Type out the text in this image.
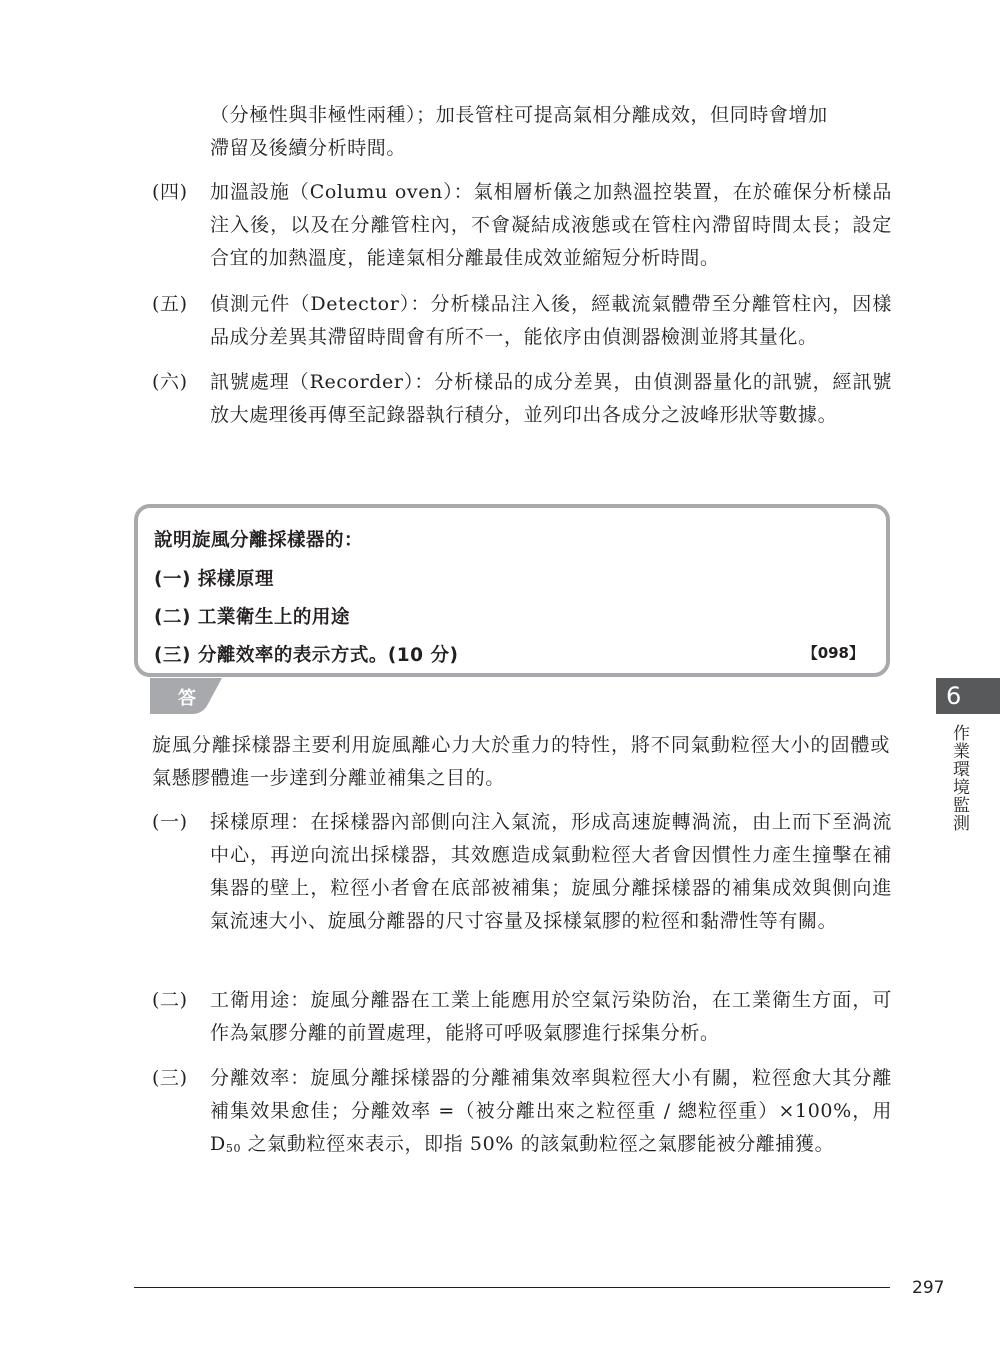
（分極性與非極性兩種）；加長管柱可提高氣相分離成效，但同時會增加
滯留及後續分析時間。
(四)	加溫設施（Columu oven）：氣相層析儀之加熱溫控裝置，在於確保分析樣品注入後，以及在分離管柱內，不會凝結成液態或在管柱內滯留時間太長；設定合宜的加熱溫度，能達氣相分離最佳成效並縮短分析時間。
(五)	偵測元件（Detector）：分析樣品注入後，經載流氣體帶至分離管柱內，因樣品成分差異其滯留時間會有所不一，能依序由偵測器檢測並將其量化。
(六)	訊號處理（Recorder）：分析樣品的成分差異，由偵測器量化的訊號，經訊號放大處理後再傳至記錄器執行積分，並列印出各成分之波峰形狀等數據。
說明旋風分離採樣器的：
(一) 採樣原理
(二) 工業衛生上的用途
(三) 分離效率的表示方式。(10 分)	【098】
答
旋風分離採樣器主要利用旋風離心力大於重力的特性，將不同氣動粒徑大小的固體或氣懸膠體進一步達到分離並補集之目的。
(一)	採樣原理：在採樣器內部側向注入氣流，形成高速旋轉渦流，由上而下至渦流中心，再逆向流出採樣器，其效應造成氣動粒徑大者會因慣性力產生撞擊在補集器的壁上，粒徑小者會在底部被補集；旋風分離採樣器的補集成效與側向進氣流速大小、旋風分離器的尺寸容量及採樣氣膠的粒徑和黏滯性等有關。
(二)	工衛用途：旋風分離器在工業上能應用於空氣污染防治，在工業衛生方面，可作為氣膠分離的前置處理，能將可呼吸氣膠進行採集分析。
(三)	分離效率：旋風分離採樣器的分離補集效率與粒徑大小有關，粒徑愈大其分離補集效果愈佳；分離效率 =（被分離出來之粒徑重 / 總粒徑重）×100%，用 $D_{50}$ 之氣動粒徑來表示，即指 50% 的該氣動粒徑之氣膠能被分離捕獲。
6
作業環境監測
297
